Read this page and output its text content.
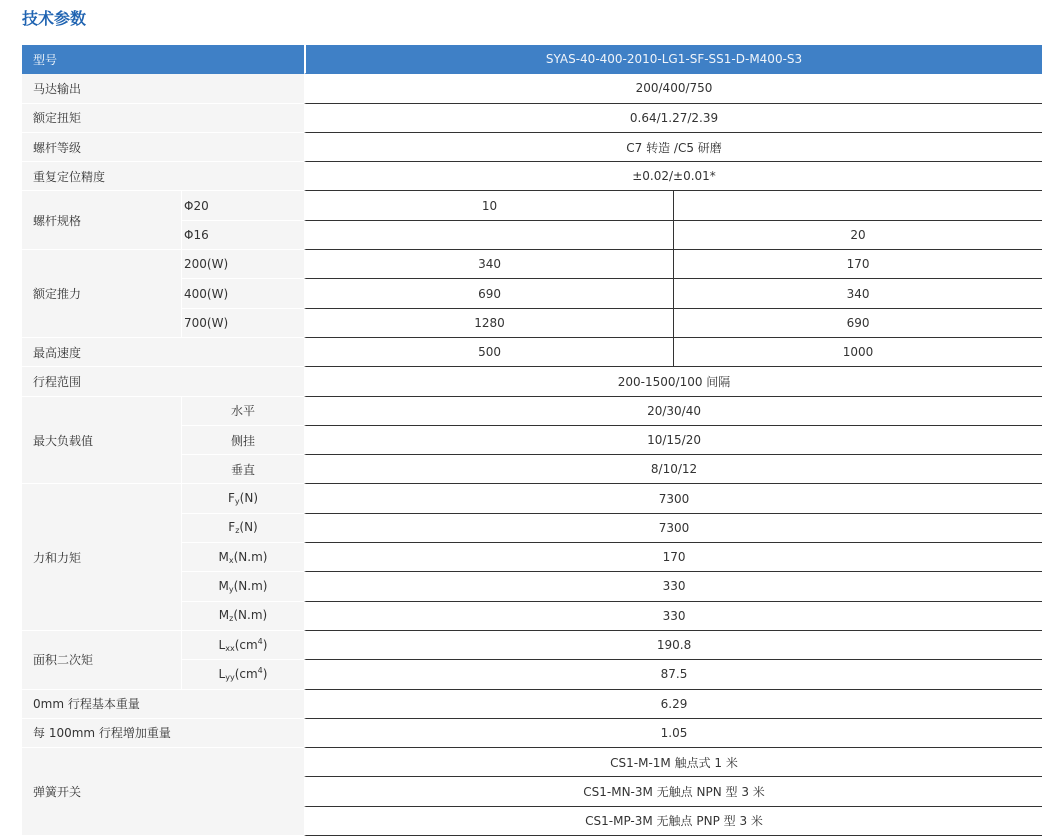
技术参数
型号		SYAS-40-400-2010-LG1-SF-SS1-D-M400-S3	
马达输出		200/400/750	
额定扭矩		0.64/1.27/2.39	
螺杆等级		C7 转造 /C5 研磨	
重复定位精度		±0.02/±0.01*	
螺杆规格	Φ20	10	
	Φ16		20
额定推力	200(W)	340	170
	400(W)	690	340
	700(W)	1280	690
最高速度		500	1000
行程范围		200-1500/100 间隔	
最大负载值	水平	20/30/40	
	侧挂	10/15/20	
	垂直	8/10/12	
力和力矩	Fy(N)	7300	
	Fz(N)	7300	
	Mx(N.m)	170	
	My(N.m)	330	
	Mz(N.m)	330	
面积二次矩	$Lxx(cm^4)$	190.8	
	$Lyy(cm^4)$	87.5	
0mm 行程基本重量		6.29	
每 100mm 行程增加重量		1.05	
弹簧开关		CS1-M-1M 触点式 1 米	
		CS1-MN-3M 无触点 NPN 型 3 米	
		CS1-MP-3M 无触点 PNP 型 3 米	
